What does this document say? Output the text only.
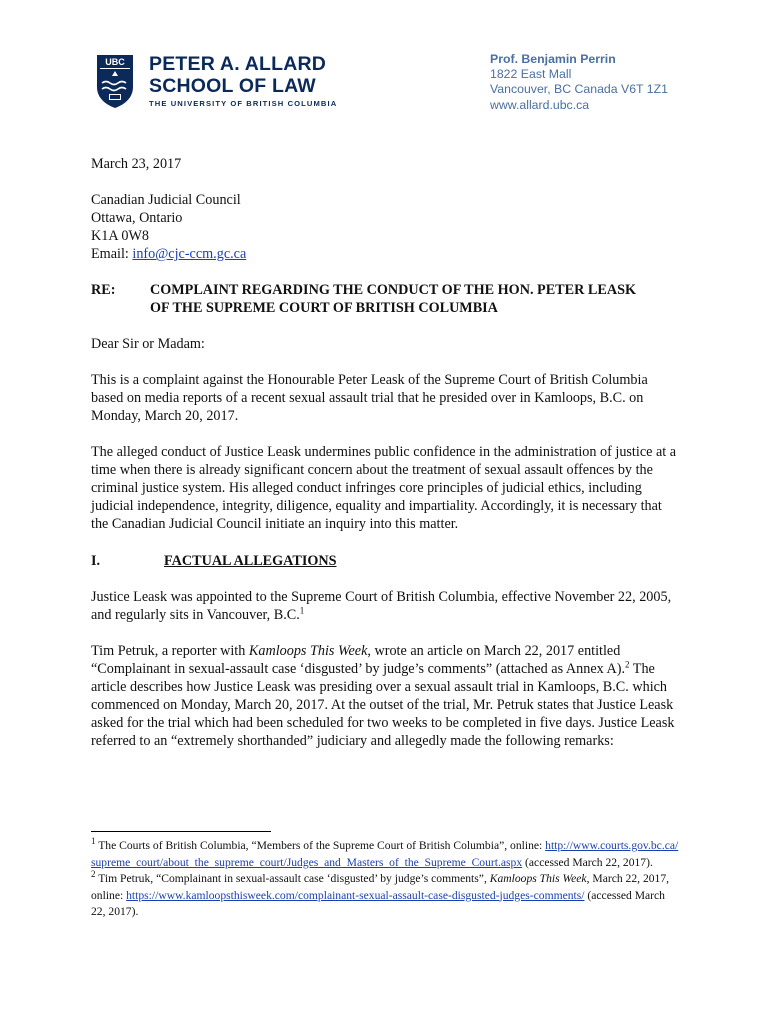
UBC PETER A. ALLARD
SCHOOL OF LAW
THE UNIVERSITY OF BRITISH COLUMBIA
Prof. Benjamin Perrin
1822 East Mall
Vancouver, BC Canada V6T 1Z1
www.allard.ubc.ca

March 23, 2017

Canadian Judicial Council
Ottawa, Ontario
K1A 0W8
Email: info@cjc-ccm.gc.ca
RE:	COMPLAINT REGARDING THE CONDUCT OF THE HON. PETER LEASK
OF THE SUPREME COURT OF BRITISH COLUMBIA

Dear Sir or Madam:

This is a complaint against the Honourable Peter Leask of the Supreme Court of British Columbia based on media reports of a recent sexual assault trial that he presided over in Kamloops, B.C. on Monday, March 20, 2017.

The alleged conduct of Justice Leask undermines public confidence in the administration of justice at a time when there is already significant concern about the treatment of sexual assault offences by the criminal justice system. His alleged conduct infringes core principles of judicial ethics, including judicial independence, integrity, diligence, equality and impartiality. Accordingly, it is necessary that the Canadian Judicial Council initiate an inquiry into this matter.

I.	FACTUAL ALLEGATIONS

Justice Leask was appointed to the Supreme Court of British Columbia, effective November 22, 2005, and regularly sits in Vancouver, B.C.$^1$

Tim Petruk, a reporter with Kamloops This Week, wrote an article on March 22, 2017 entitled “Complainant in sexual-assault case ‘disgusted’ by judge’s comments” (attached as Annex A).$^2$ The article describes how Justice Leask was presiding over a sexual assault trial in Kamloops, B.C. which commenced on Monday, March 20, 2017. At the outset of the trial, Mr. Petruk states that Justice Leask asked for the trial which had been scheduled for two weeks to be completed in five days. Justice Leask referred to an “extremely shorthanded” judiciary and allegedly made the following remarks:

$^1$ The Courts of British Columbia, “Members of the Supreme Court of British Columbia”, online: http://www.courts.gov.bc.ca/supreme_court/about_the_supreme_court/Judges_and_Masters_of_the_Supreme_Court.aspx (accessed March 22, 2017).

$^2$ Tim Petruk, “Complainant in sexual-assault case ‘disgusted’ by judge’s comments”, Kamloops This Week, March 22, 2017, online: https://www.kamloopsthisweek.com/complainant-sexual-assault-case-disgusted-judges-comments/ (accessed March 22, 2017).
